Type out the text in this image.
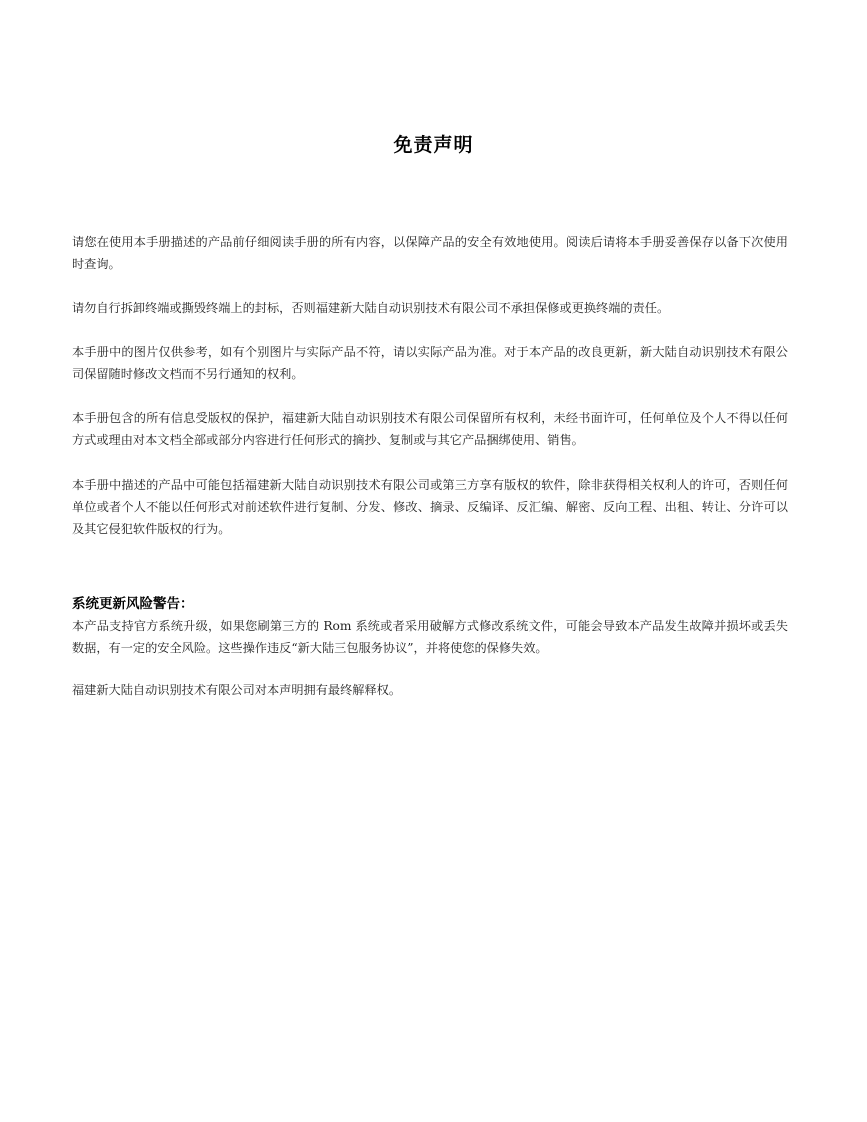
免责声明

请您在使用本手册描述的产品前仔细阅读手册的所有内容，以保障产品的安全有效地使用。阅读后请将本手册妥善保存以备下次使用时查询。

请勿自行拆卸终端或撕毁终端上的封标，否则福建新大陆自动识别技术有限公司不承担保修或更换终端的责任。

本手册中的图片仅供参考，如有个别图片与实际产品不符，请以实际产品为准。对于本产品的改良更新，新大陆自动识别技术有限公司保留随时修改文档而不另行通知的权利。

本手册包含的所有信息受版权的保护，福建新大陆自动识别技术有限公司保留所有权利，未经书面许可，任何单位及个人不得以任何方式或理由对本文档全部或部分内容进行任何形式的摘抄、复制或与其它产品捆绑使用、销售。

本手册中描述的产品中可能包括福建新大陆自动识别技术有限公司或第三方享有版权的软件，除非获得相关权利人的许可，否则任何单位或者个人不能以任何形式对前述软件进行复制、分发、修改、摘录、反编译、反汇编、解密、反向工程、出租、转让、分许可以及其它侵犯软件版权的行为。

系统更新风险警告：

本产品支持官方系统升级，如果您刷第三方的 Rom 系统或者采用破解方式修改系统文件，可能会导致本产品发生故障并损坏或丢失数据，有一定的安全风险。这些操作违反“新大陆三包服务协议”，并将使您的保修失效。

福建新大陆自动识别技术有限公司对本声明拥有最终解释权。
